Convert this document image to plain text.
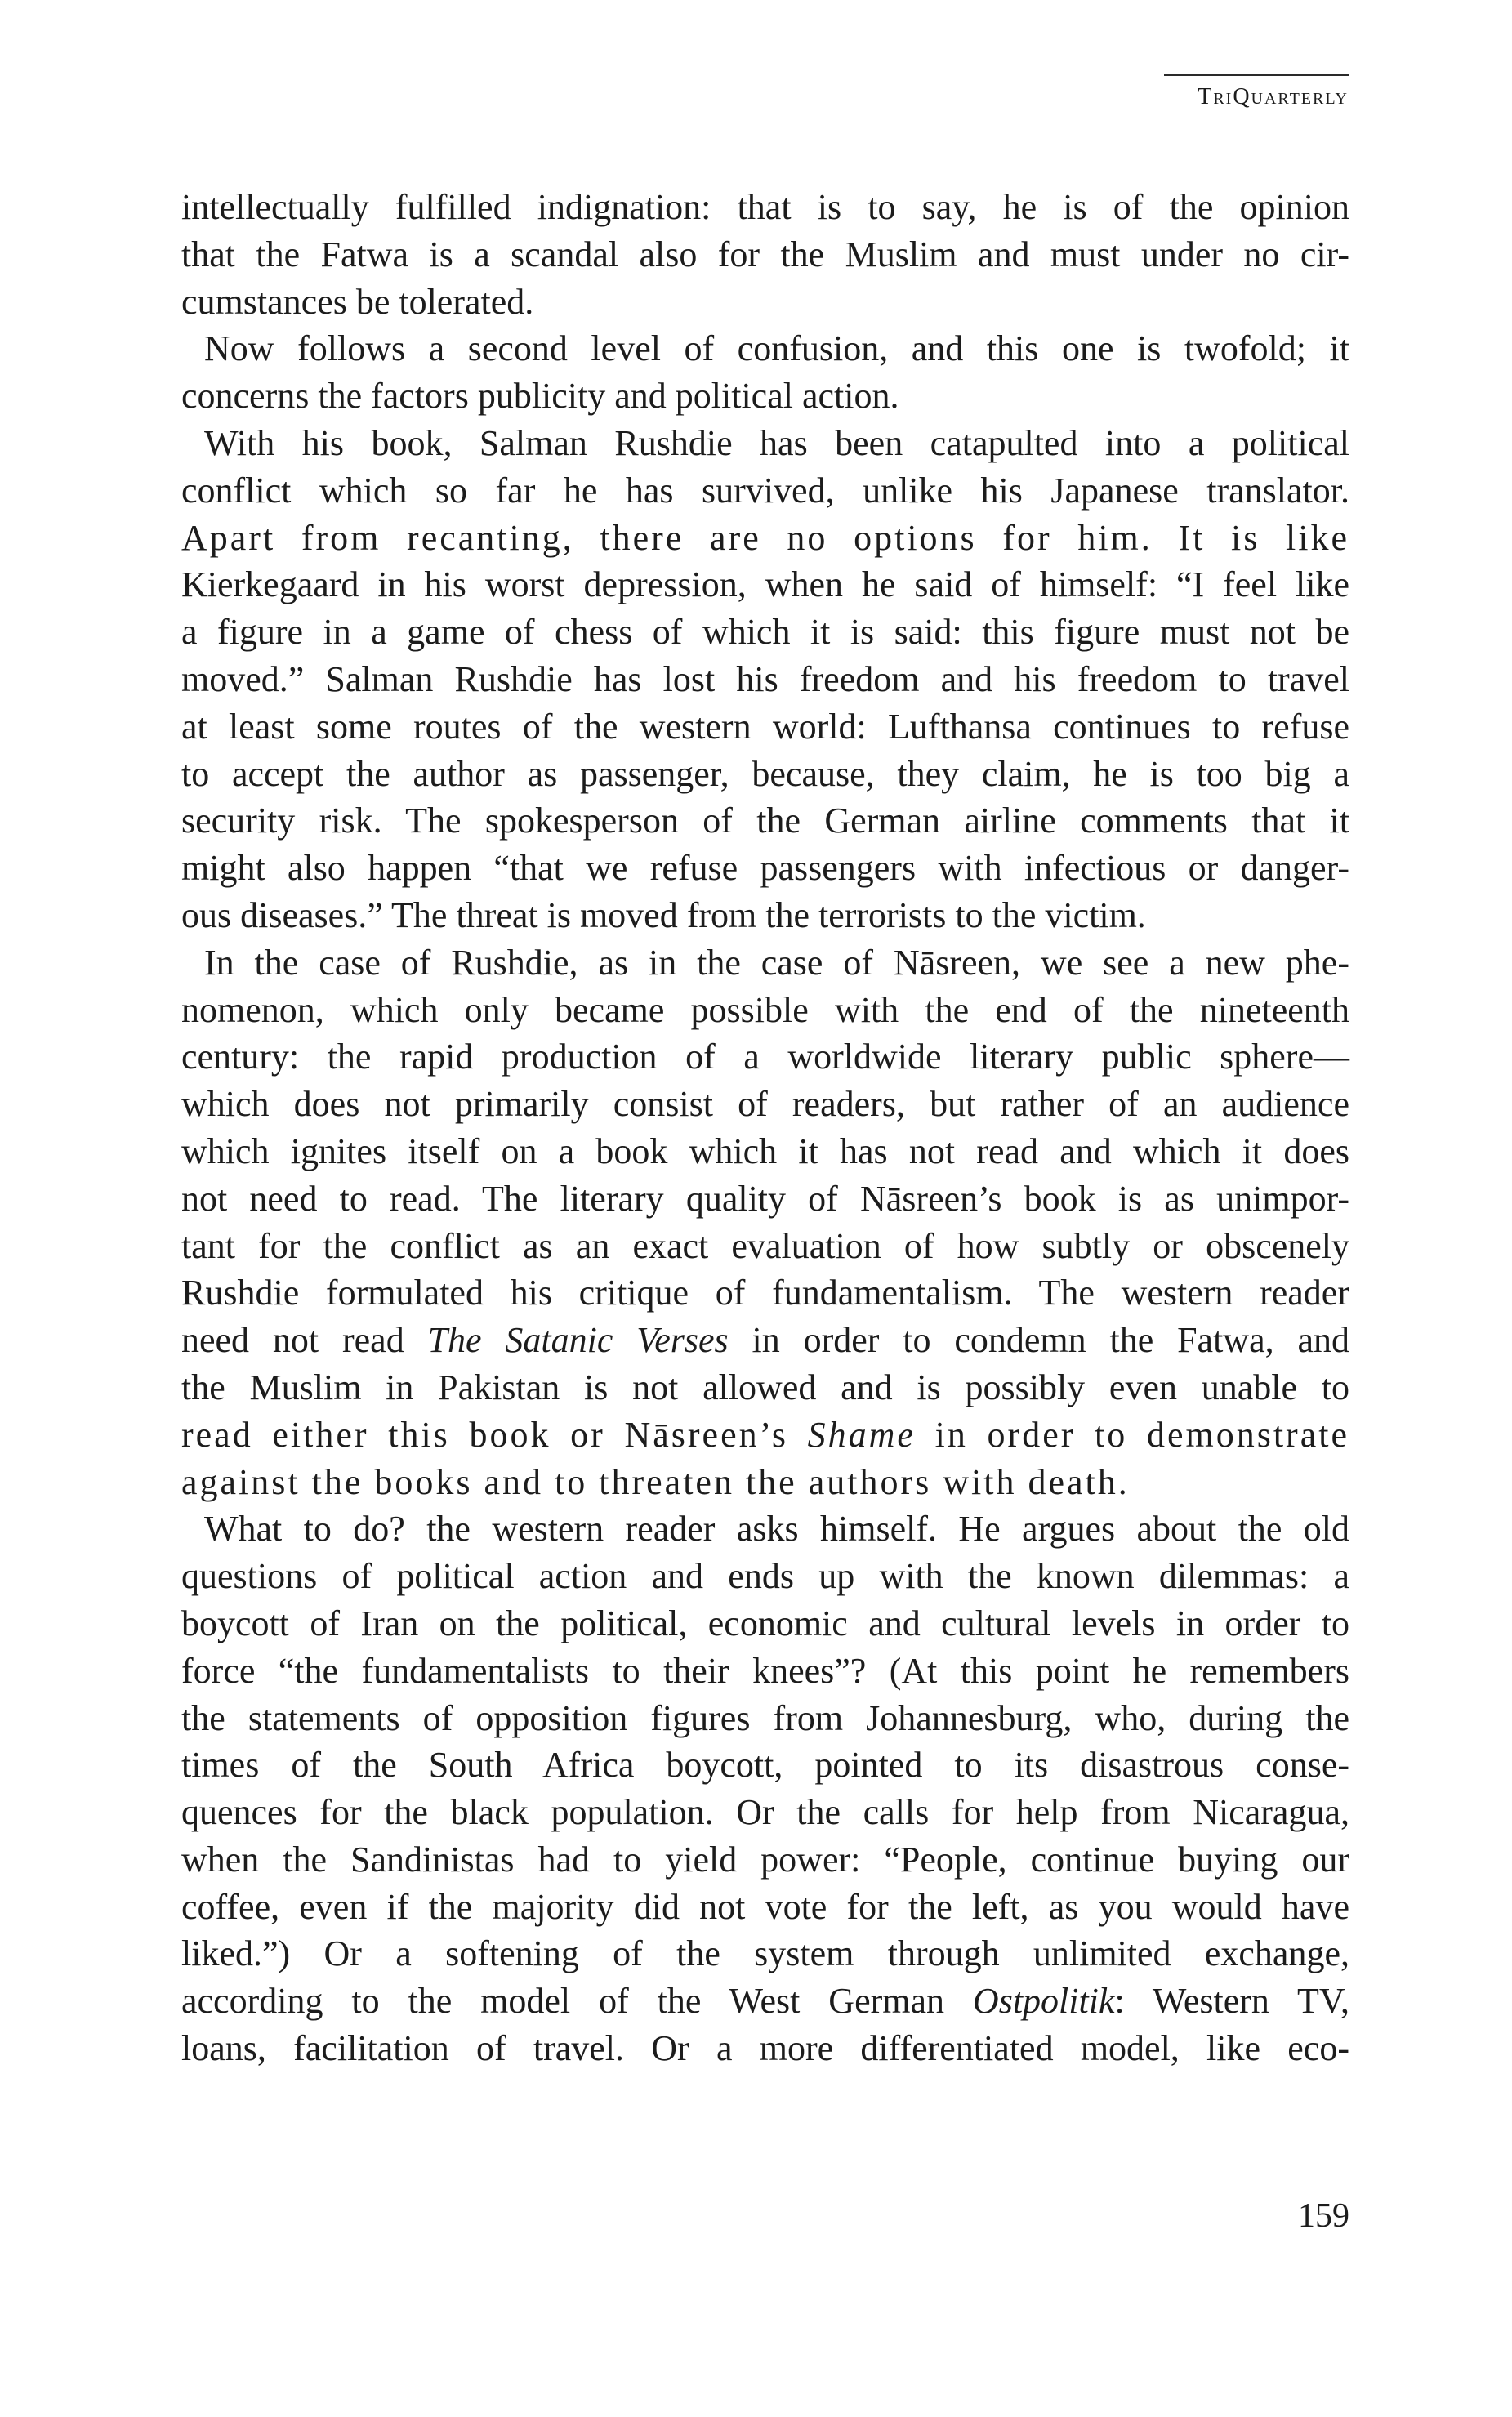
TriQuarterly
intellectually fulfilled indignation: that is to say, he is of the opinion
that the Fatwa is a scandal also for the Muslim and must under no cir-
cumstances be tolerated.
Now follows a second level of confusion, and this one is twofold; it
concerns the factors publicity and political action.
With his book, Salman Rushdie has been catapulted into a political
conflict which so far he has survived, unlike his Japanese translator.
Apart from recanting, there are no options for him. It is like
Kierkegaard in his worst depression, when he said of himself: “I feel like
a figure in a game of chess of which it is said: this figure must not be
moved.” Salman Rushdie has lost his freedom and his freedom to travel
at least some routes of the western world: Lufthansa continues to refuse
to accept the author as passenger, because, they claim, he is too big a
security risk. The spokesperson of the German airline comments that it
might also happen “that we refuse passengers with infectious or danger-
ous diseases.” The threat is moved from the terrorists to the victim.
In the case of Rushdie, as in the case of Nāsreen, we see a new phe-
nomenon, which only became possible with the end of the nineteenth
century: the rapid production of a worldwide literary public sphere—
which does not primarily consist of readers, but rather of an audience
which ignites itself on a book which it has not read and which it does
not need to read. The literary quality of Nāsreen’s book is as unimpor-
tant for the conflict as an exact evaluation of how subtly or obscenely
Rushdie formulated his critique of fundamentalism. The western reader
need not read The Satanic Verses in order to condemn the Fatwa, and
the Muslim in Pakistan is not allowed and is possibly even unable to
read either this book or Nāsreen’s Shame in order to demonstrate
against the books and to threaten the authors with death.
What to do? the western reader asks himself. He argues about the old
questions of political action and ends up with the known dilemmas: a
boycott of Iran on the political, economic and cultural levels in order to
force “the fundamentalists to their knees”? (At this point he remembers
the statements of opposition figures from Johannesburg, who, during the
times of the South Africa boycott, pointed to its disastrous conse-
quences for the black population. Or the calls for help from Nicaragua,
when the Sandinistas had to yield power: “People, continue buying our
coffee, even if the majority did not vote for the left, as you would have
liked.”) Or a softening of the system through unlimited exchange,
according to the model of the West German Ostpolitik: Western TV,
loans, facilitation of travel. Or a more differentiated model, like eco-
159
